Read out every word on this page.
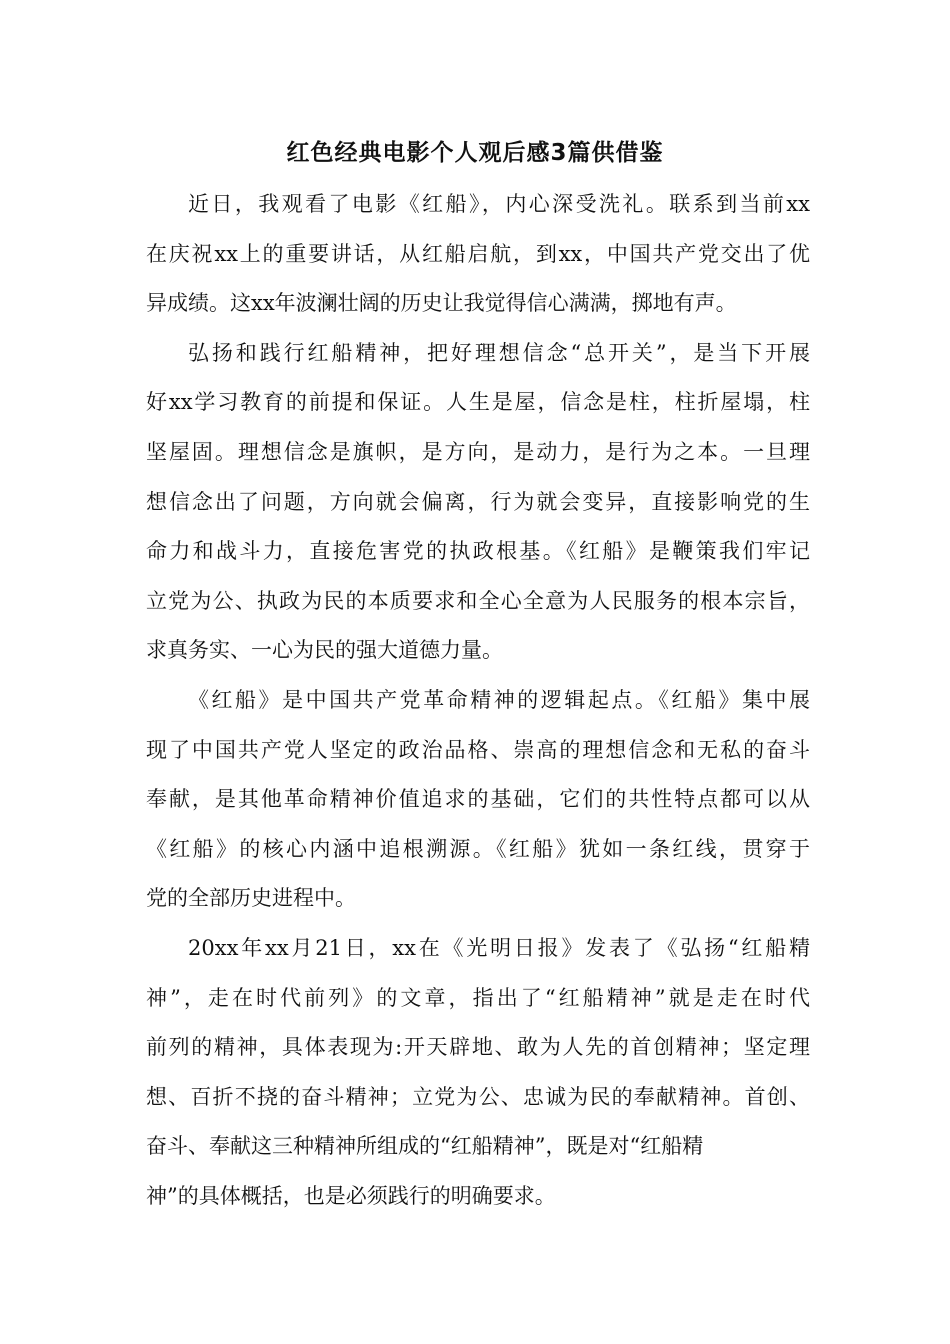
红色经典电影个人观后感3篇供借鉴
近日，我观看了电影《红船》，内心深受洗礼。联系到当前xx
在庆祝xx上的重要讲话，从红船启航，到xx，中国共产党交出了优
异成绩。这xx年波澜壮阔的历史让我觉得信心满满，掷地有声。
弘扬和践行红船精神，把好理想信念“总开关”，是当下开展
好xx学习教育的前提和保证。人生是屋，信念是柱，柱折屋塌，柱
坚屋固。理想信念是旗帜，是方向，是动力，是行为之本。一旦理
想信念出了问题，方向就会偏离，行为就会变异，直接影响党的生
命力和战斗力，直接危害党的执政根基。《红船》是鞭策我们牢记
立党为公、执政为民的本质要求和全心全意为人民服务的根本宗旨，
求真务实、一心为民的强大道德力量。
《红船》是中国共产党革命精神的逻辑起点。《红船》集中展
现了中国共产党人坚定的政治品格、崇高的理想信念和无私的奋斗
奉献，是其他革命精神价值追求的基础，它们的共性特点都可以从
《红船》的核心内涵中追根溯源。《红船》犹如一条红线，贯穿于
党的全部历史进程中。
20xx年xx月21日，xx在《光明日报》发表了《弘扬“红船精
神”，走在时代前列》的文章，指出了“红船精神”就是走在时代
前列的精神，具体表现为:开天辟地、敢为人先的首创精神；坚定理
想、百折不挠的奋斗精神；立党为公、忠诚为民的奉献精神。首创、
奋斗、奉献这三种精神所组成的“红船精神”，既是对“红船精
神”的具体概括，也是必须践行的明确要求。
